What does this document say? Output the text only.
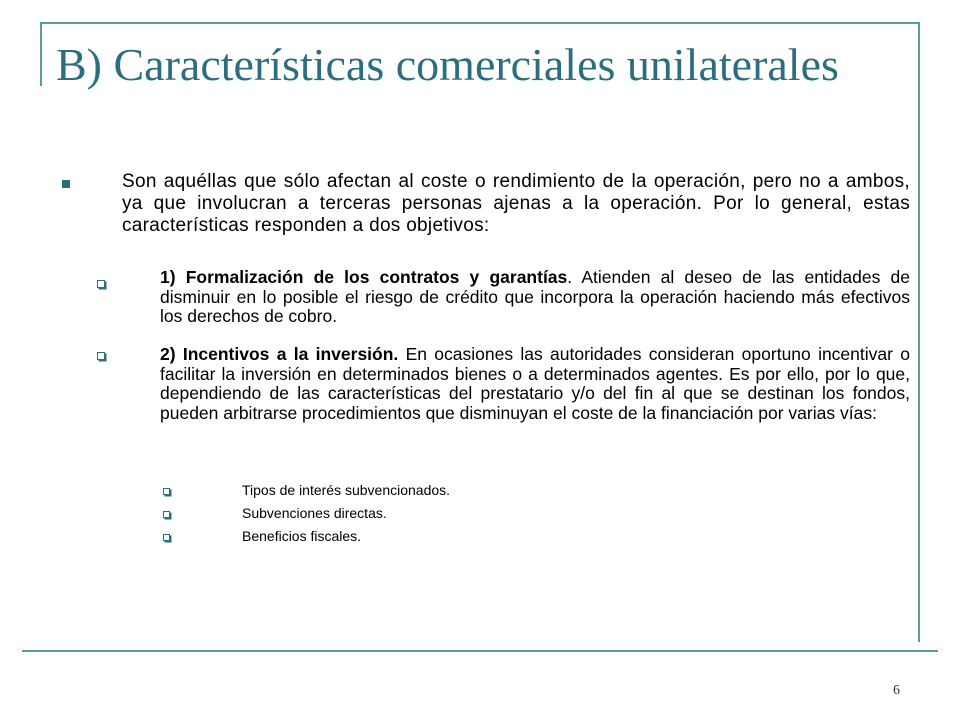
B) Características comerciales unilaterales
Son aquéllas que sólo afectan al coste o rendimiento de la operación, pero no a ambos, ya que involucran a terceras personas ajenas a la operación. Por lo general, estas características responden a dos objetivos:
1) Formalización de los contratos y garantías. Atienden al deseo de las entidades de disminuir en lo posible el riesgo de crédito que incorpora la operación haciendo más efectivos los derechos de cobro.
2) Incentivos a la inversión. En ocasiones las autoridades consideran oportuno incentivar o facilitar la inversión en determinados bienes o a determinados agentes. Es por ello, por lo que, dependiendo de las características del prestatario y/o del fin al que se destinan los fondos, pueden arbitrarse procedimientos que disminuyan el coste de la financiación por varias vías:
Tipos de interés subvencionados.
Subvenciones directas.
Beneficios fiscales.
6
